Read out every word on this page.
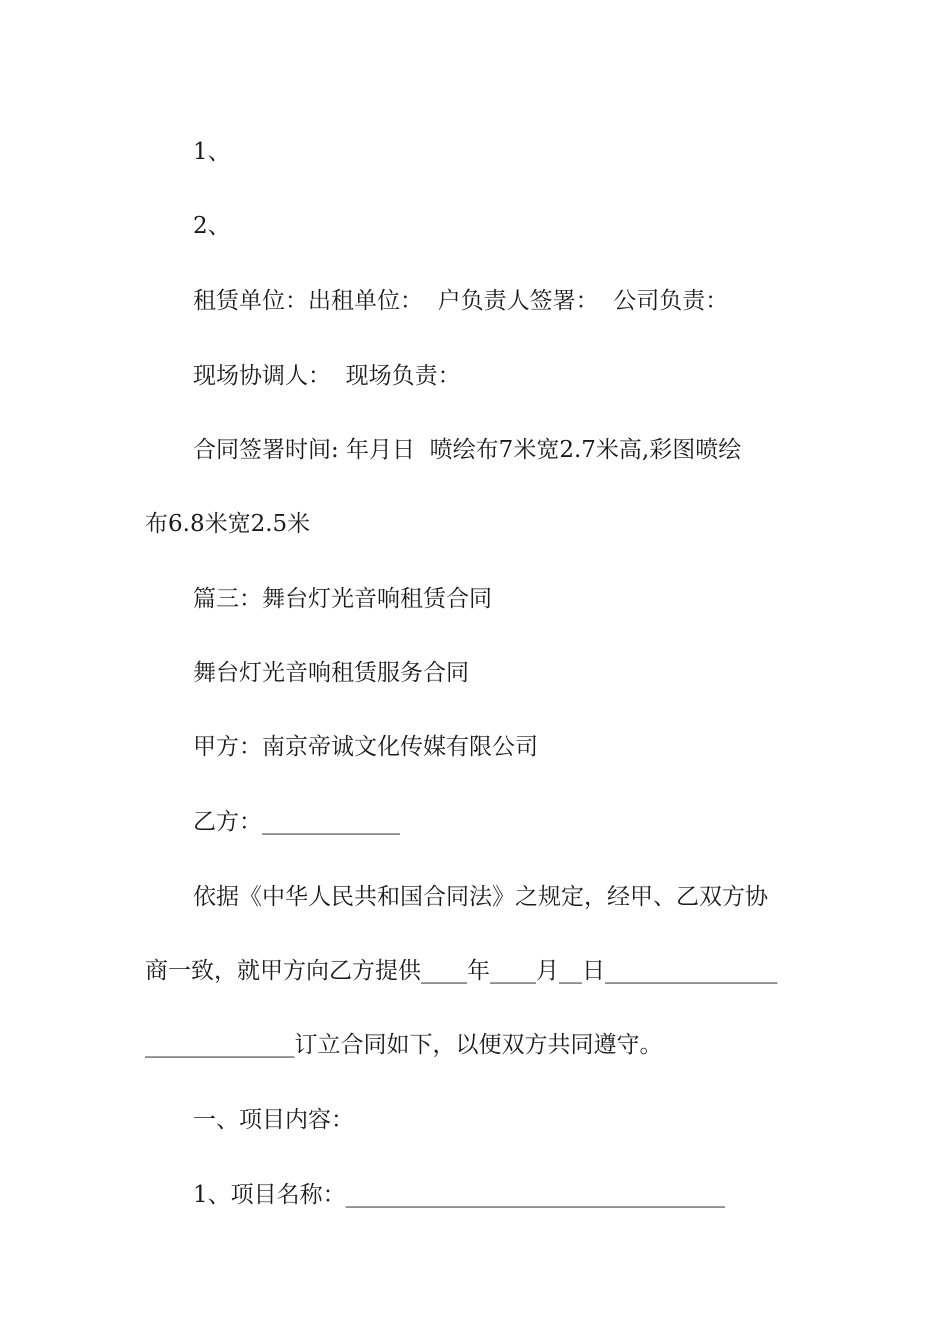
1、
2、
租赁单位：出租单位：  户负责人签署：  公司负责：
现场协调人：  现场负责：
合同签署时间: 年月日  喷绘布7米宽2.7米高,彩图喷绘
布6.8米宽2.5米
篇三：舞台灯光音响租赁合同
舞台灯光音响租赁服务合同
甲方：南京帝诚文化传媒有限公司
乙方：____________
依据《中华人民共和国合同法》之规定，经甲、乙双方协
商一致，就甲方向乙方提供____年____月__日_______________
_____________订立合同如下，以便双方共同遵守。
一、项目内容：
1、项目名称：_________________________________
